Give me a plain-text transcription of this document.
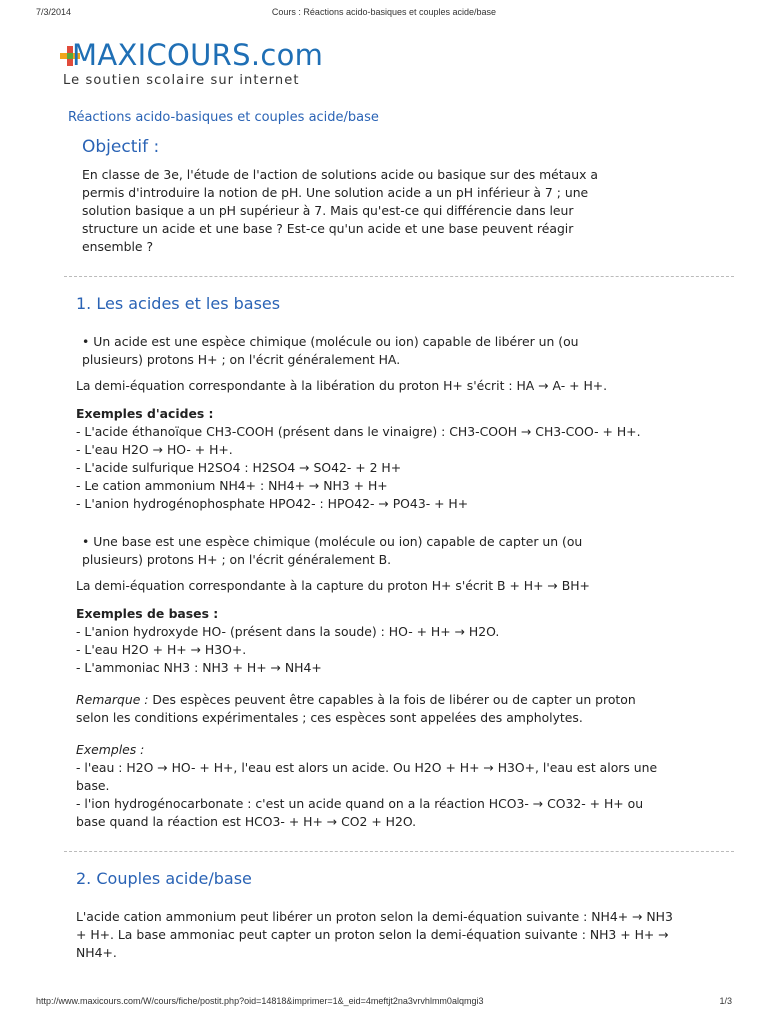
7/3/2014	Cours : Réactions acido-basiques et couples acide/base
MAXICOURS.com
Le soutien scolaire sur internet
Réactions acido-basiques et couples acide/base
Objectif :
En classe de 3e, l'étude de l'action de solutions acide ou basique sur des métaux a
permis d'introduire la notion de pH. Une solution acide a un pH inférieur à 7 ; une
solution basique a un pH supérieur à 7. Mais qu'est-ce qui différencie dans leur
structure un acide et une base ? Est-ce qu'un acide et une base peuvent réagir
ensemble ?
1. Les acides et les bases
• Un acide est une espèce chimique (molécule ou ion) capable de libérer un (ou
plusieurs) protons H+ ; on l'écrit généralement HA.
La demi-équation correspondante à la libération du proton H+ s'écrit : HA → A- + H+.
Exemples d'acides :
- L'acide éthanoïque CH3-COOH (présent dans le vinaigre) : CH3-COOH → CH3-COO- + H+.
- L'eau H2O → HO- + H+.
- L'acide sulfurique H2SO4 : H2SO4 → SO42- + 2 H+
- Le cation ammonium NH4+ : NH4+ → NH3 + H+
- L'anion hydrogénophosphate HPO42- : HPO42- → PO43- + H+
• Une base est une espèce chimique (molécule ou ion) capable de capter un (ou
plusieurs) protons H+ ; on l'écrit généralement B.
La demi-équation correspondante à la capture du proton H+ s'écrit B + H+ → BH+
Exemples de bases :
- L'anion hydroxyde HO- (présent dans la soude) : HO- + H+ → H2O.
- L'eau H2O + H+ → H3O+.
- L'ammoniac NH3 : NH3 + H+ → NH4+
Remarque : Des espèces peuvent être capables à la fois de libérer ou de capter un proton
selon les conditions expérimentales ; ces espèces sont appelées des ampholytes.
Exemples :
- l'eau : H2O → HO- + H+, l'eau est alors un acide. Ou H2O + H+ → H3O+, l'eau est alors une
base.
- l'ion hydrogénocarbonate : c'est un acide quand on a la réaction HCO3- → CO32- + H+ ou
base quand la réaction est HCO3- + H+ → CO2 + H2O.
2. Couples acide/base
L'acide cation ammonium peut libérer un proton selon la demi-équation suivante : NH4+ → NH3
+ H+. La base ammoniac peut capter un proton selon la demi-équation suivante : NH3 + H+ →
NH4+.
http://www.maxicours.com/W/cours/fiche/postit.php?oid=14818&imprimer=1&_eid=4meftjt2na3vrvhlmm0alqmgi3	1/3
